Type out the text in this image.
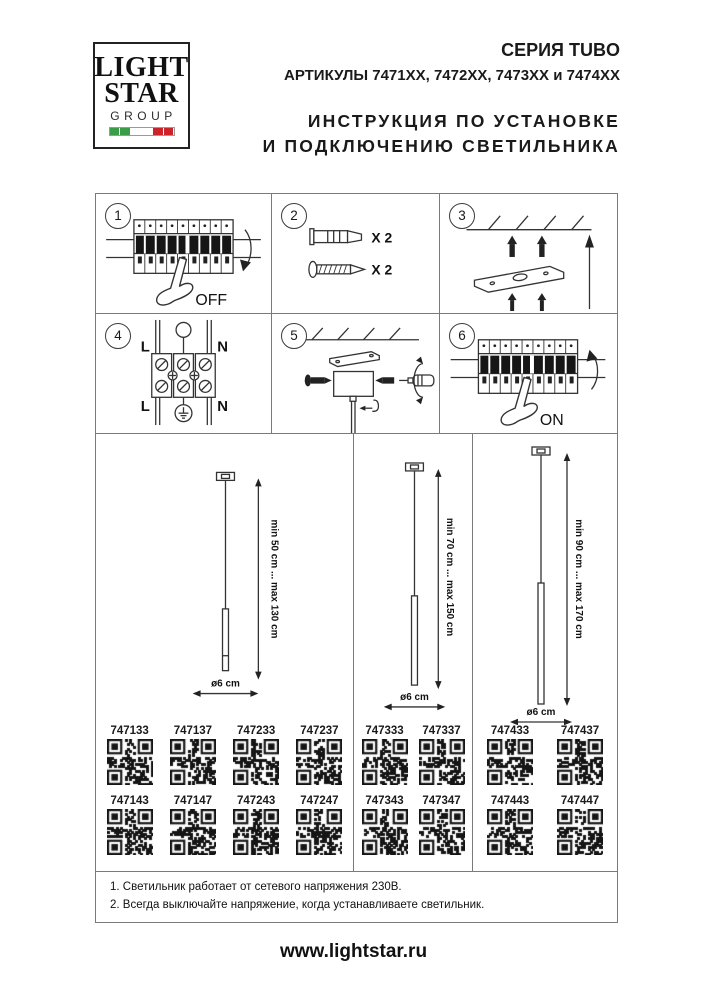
LIGHT
STAR
GROUP
СЕРИЯ TUBO
АРТИКУЛЫ 7471XX, 7472XX, 7473XX и 7474XX
ИНСТРУКЦИЯ ПО УСТАНОВКЕ
И ПОДКЛЮЧЕНИЮ СВЕТИЛЬНИКА
1
OFF
2
X 2
X 2
3
4
L	N
L	N
5	6
ON
min 50 cm ... max 130 cm
ø6 cm
747133	747137	747233	747237
747143	747147	747243	747247
min 70 cm ... max 150 cm
ø6 cm
747333	747337
747343	747347
min 90 cm ... max 170 cm
ø6 cm
747433	747437
747443	747447
1. Светильник работает от сетевого напряжения 230В.
2. Всегда выключайте напряжение, когда устанавливаете светильник.
www.lightstar.ru
